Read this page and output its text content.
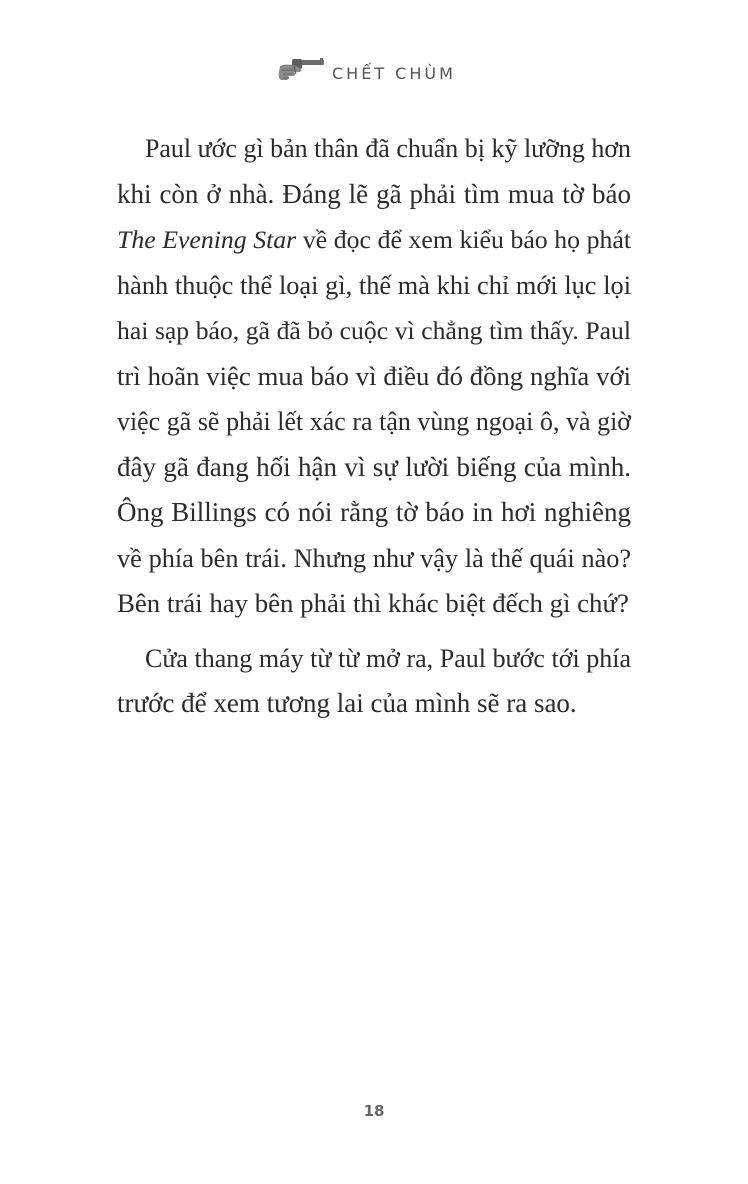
CHẾT CHÙM

Paul ước gì bản thân đã chuẩn bị kỹ lưỡng hơn
khi còn ở nhà. Đáng lẽ gã phải tìm mua tờ báo
The Evening Star về đọc để xem kiểu báo họ phát
hành thuộc thể loại gì, thế mà khi chỉ mới lục lọi
hai sạp báo, gã đã bỏ cuộc vì chẳng tìm thấy. Paul
trì hoãn việc mua báo vì điều đó đồng nghĩa với
việc gã sẽ phải lết xác ra tận vùng ngoại ô, và giờ
đây gã đang hối hận vì sự lười biếng của mình.
Ông Billings có nói rằng tờ báo in hơi nghiêng
về phía bên trái. Nhưng như vậy là thế quái nào?
Bên trái hay bên phải thì khác biệt đếch gì chứ?

Cửa thang máy từ từ mở ra, Paul bước tới phía
trước để xem tương lai của mình sẽ ra sao.

18
